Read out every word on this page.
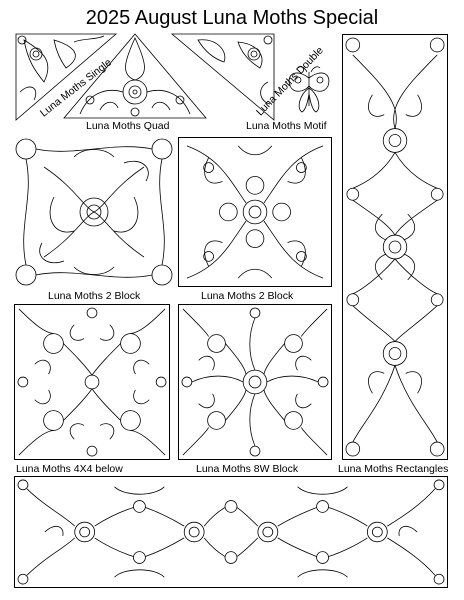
2025 August Luna Moths Special
Luna Moths Single
Luna Moths Quad
Luna Moths Double
Luna Moths Motif
Luna Moths 2 Block	Luna Moths 2 Block
Luna Moths Rectangles
Luna Moths 4X4 below	Luna Moths 8W Block
